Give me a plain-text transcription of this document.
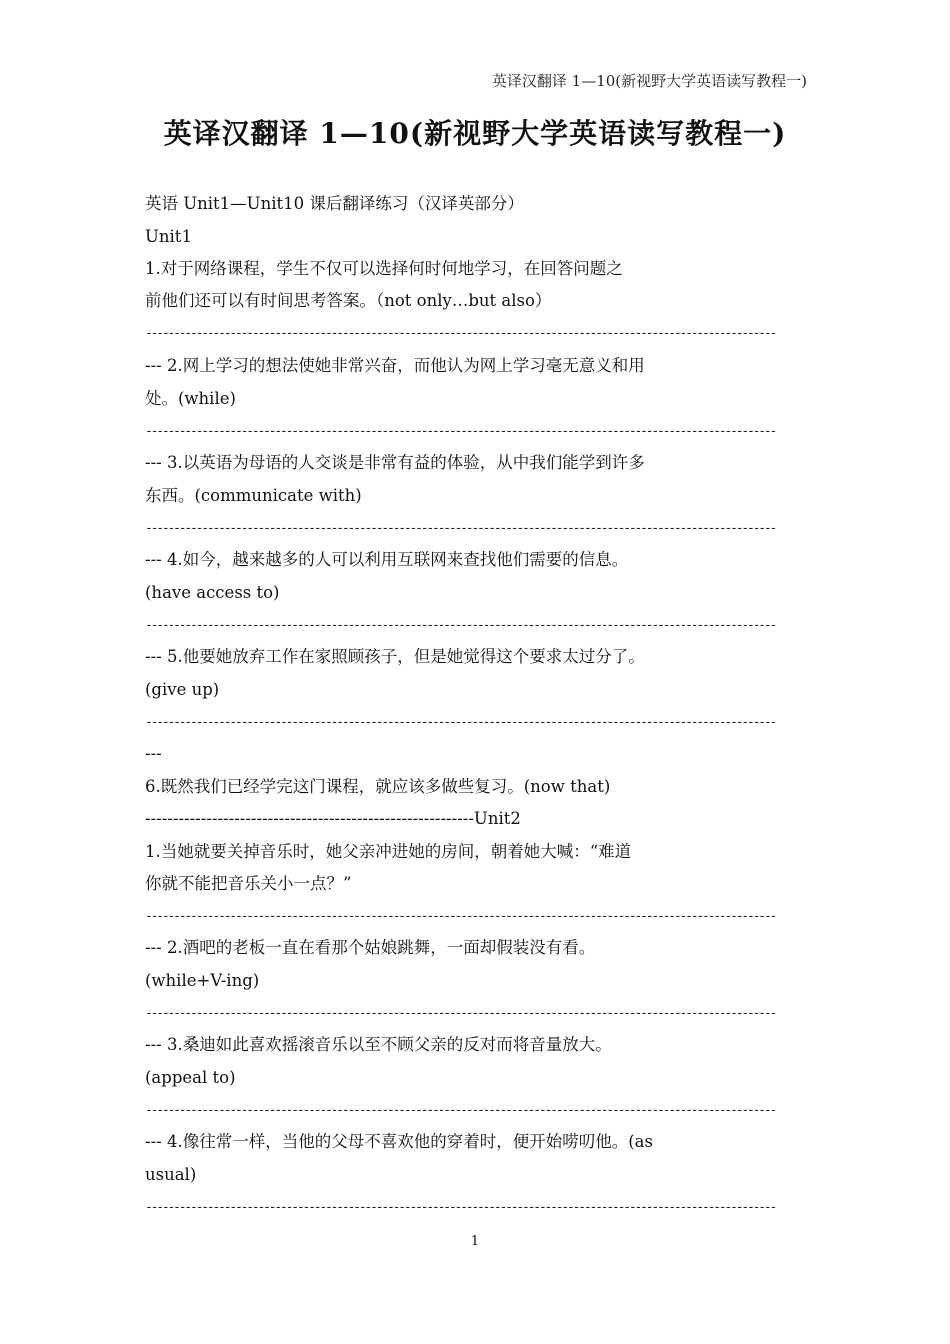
英译汉翻译 1—10(新视野大学英语读写教程一)
英译汉翻译 1—10(新视野大学英语读写教程一)
英语 Unit1—Unit10 课后翻译练习（汉译英部分）
Unit1
1.对于网络课程，学生不仅可以选择何时何地学习，在回答问题之
前他们还可以有时间思考答案。（not only…but also）
----------------------------------------------------------------------------------------------------------------
--- 2.网上学习的想法使她非常兴奋，而他认为网上学习毫无意义和用
处。(while)
----------------------------------------------------------------------------------------------------------------
--- 3.以英语为母语的人交谈是非常有益的体验，从中我们能学到许多
东西。(communicate with)
----------------------------------------------------------------------------------------------------------------
--- 4.如今，越来越多的人可以利用互联网来查找他们需要的信息。
(have access to)
----------------------------------------------------------------------------------------------------------------
--- 5.他要她放弃工作在家照顾孩子，但是她觉得这个要求太过分了。
(give up)
----------------------------------------------------------------------------------------------------------------
---
6.既然我们已经学完这门课程，就应该多做些复习。(now that)
-----------------------------------------------------------Unit2
1.当她就要关掉音乐时，她父亲冲进她的房间，朝着她大喊：“难道
你就不能把音乐关小一点？”
----------------------------------------------------------------------------------------------------------------
--- 2.酒吧的老板一直在看那个姑娘跳舞，一面却假装没有看。
(while+V-ing)
----------------------------------------------------------------------------------------------------------------
--- 3.桑迪如此喜欢摇滚音乐以至不顾父亲的反对而将音量放大。
(appeal to)
----------------------------------------------------------------------------------------------------------------
--- 4.像往常一样，当他的父母不喜欢他的穿着时，便开始唠叨他。(as
usual)
----------------------------------------------------------------------------------------------------------------
1
